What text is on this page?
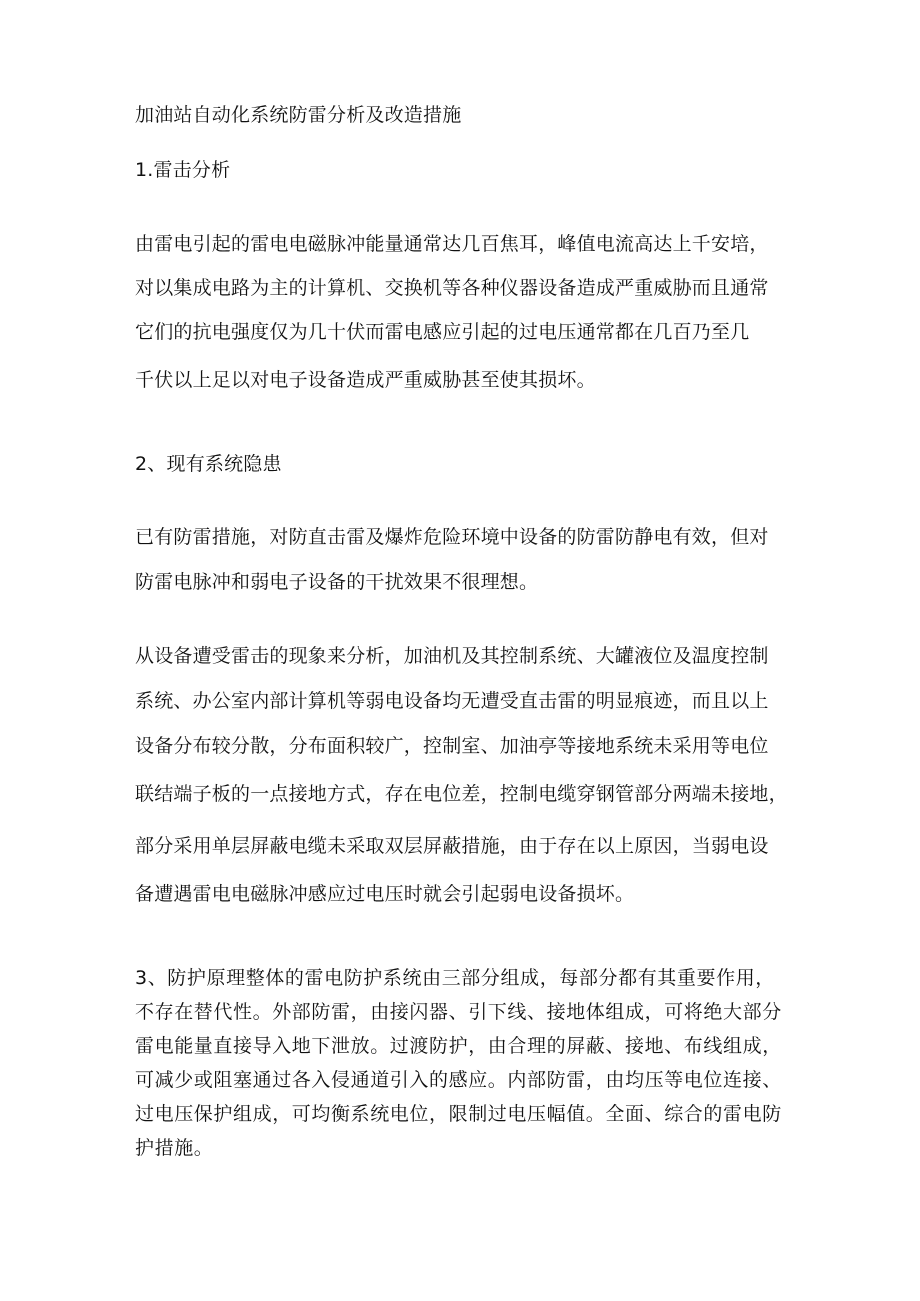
加油站自动化系统防雷分析及改造措施
1.雷击分析
由雷电引起的雷电电磁脉冲能量通常达几百焦耳，峰值电流高达上千安培，
对以集成电路为主的计算机、交换机等各种仪器设备造成严重威胁而且通常
它们的抗电强度仅为几十伏而雷电感应引起的过电压通常都在几百乃至几
千伏以上足以对电子设备造成严重威胁甚至使其损坏。
2、现有系统隐患
已有防雷措施，对防直击雷及爆炸危险环境中设备的防雷防静电有效，但对
防雷电脉冲和弱电子设备的干扰效果不很理想。
从设备遭受雷击的现象来分析，加油机及其控制系统、大罐液位及温度控制
系统、办公室内部计算机等弱电设备均无遭受直击雷的明显痕迹，而且以上
设备分布较分散，分布面积较广，控制室、加油亭等接地系统未采用等电位
联结端子板的一点接地方式，存在电位差，控制电缆穿钢管部分两端未接地，
部分采用单层屏蔽电缆未采取双层屏蔽措施，由于存在以上原因，当弱电设
备遭遇雷电电磁脉冲感应过电压时就会引起弱电设备损坏。
3、防护原理整体的雷电防护系统由三部分组成，每部分都有其重要作用，
不存在替代性。外部防雷，由接闪器、引下线、接地体组成，可将绝大部分
雷电能量直接导入地下泄放。过渡防护，由合理的屏蔽、接地、布线组成，
可减少或阻塞通过各入侵通道引入的感应。内部防雷，由均压等电位连接、
过电压保护组成，可均衡系统电位，限制过电压幅值。全面、综合的雷电防
护措施。
